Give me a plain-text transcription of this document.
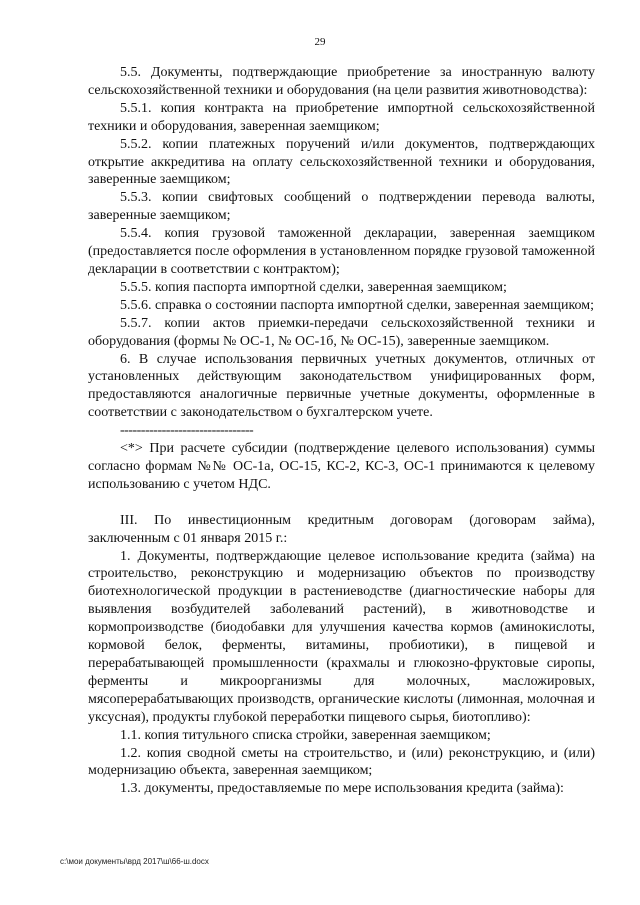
29

5.5. Документы, подтверждающие приобретение за иностранную валюту сельскохозяйственной техники и оборудования (на цели развития животноводства):

5.5.1. копия контракта на приобретение импортной сельскохозяйственной техники и оборудования, заверенная заемщиком;

5.5.2. копии платежных поручений и/или документов, подтверждающих открытие аккредитива на оплату сельскохозяйственной техники и оборудования, заверенные заемщиком;

5.5.3. копии свифтовых сообщений о подтверждении перевода валюты, заверенные заемщиком;

5.5.4. копия грузовой таможенной декларации, заверенная заемщиком (предоставляется после оформления в установленном порядке грузовой таможенной декларации в соответствии с контрактом);

5.5.5. копия паспорта импортной сделки, заверенная заемщиком;

5.5.6. справка о состоянии паспорта импортной сделки, заверенная заемщиком;

5.5.7. копии актов приемки-передачи сельскохозяйственной техники и оборудования (формы № ОС-1, № ОС-1б, № ОС-15), заверенные заемщиком.

6. В случае использования первичных учетных документов, отличных от установленных действующим законодательством унифицированных форм, предоставляются аналогичные первичные учетные документы, оформленные в соответствии с законодательством о бухгалтерском учете.

--------------------------------

<*> При расчете субсидии (подтверждение целевого использования) суммы согласно формам №№ ОС-1а, ОС-15, КС-2, КС-3, ОС-1 принимаются к целевому использованию с учетом НДС.

III. По инвестиционным кредитным договорам (договорам займа), заключенным с 01 января 2015 г.:

1. Документы, подтверждающие целевое использование кредита (займа) на строительство, реконструкцию и модернизацию объектов по производству биотехнологической продукции в растениеводстве (диагностические наборы для выявления возбудителей заболеваний растений), в животноводстве и кормопроизводстве (биодобавки для улучшения качества кормов (аминокислоты, кормовой белок, ферменты, витамины, пробиотики), в пищевой и перерабатывающей промышленности (крахмалы и глюкозно-фруктовые сиропы, ферменты и микроорганизмы для молочных, масложировых, мясоперерабатывающих производств, органические кислоты (лимонная, молочная и уксусная), продукты глубокой переработки пищевого сырья, биотопливо):

1.1. копия титульного списка стройки, заверенная заемщиком;

1.2. копия сводной сметы на строительство, и (или) реконструкцию, и (или) модернизацию объекта, заверенная заемщиком;

1.3. документы, предоставляемые по мере использования кредита (займа):

c:\мои документы\врд 2017\ш\66-ш.docx
